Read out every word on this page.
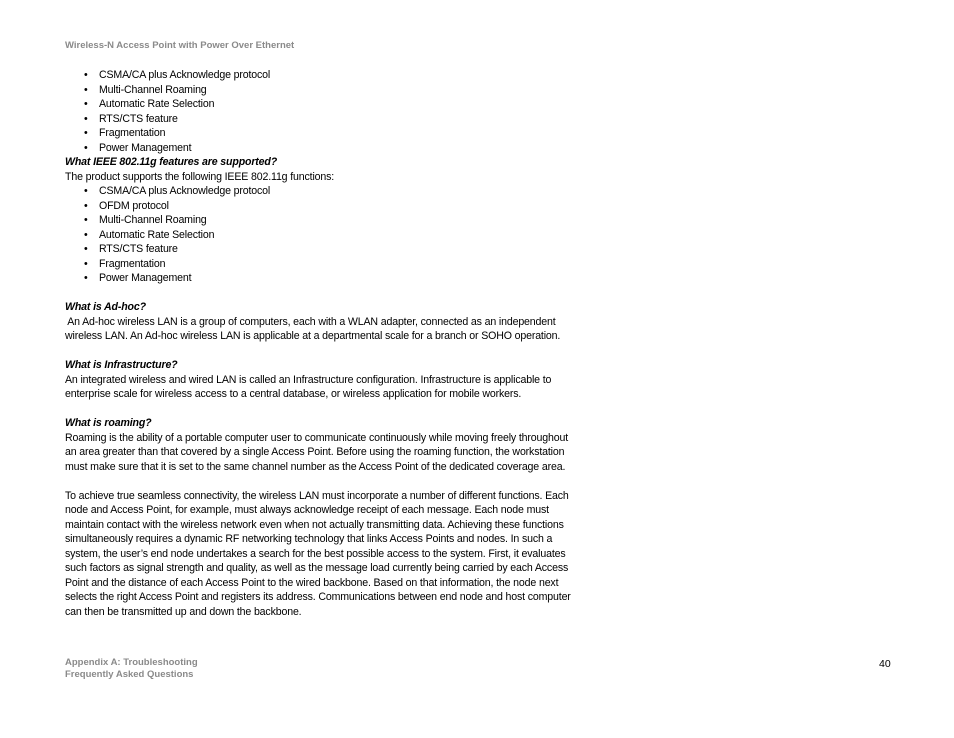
Wireless-N Access Point with Power Over Ethernet
• CSMA/CA plus Acknowledge protocol
• Multi-Channel Roaming
• Automatic Rate Selection
• RTS/CTS feature
• Fragmentation
• Power Management

What IEEE 802.11g features are supported?

The product supports the following IEEE 802.11g functions:

• CSMA/CA plus Acknowledge protocol
• OFDM protocol
• Multi-Channel Roaming
• Automatic Rate Selection
• RTS/CTS feature
• Fragmentation
• Power Management

What is Ad-hoc?

An Ad-hoc wireless LAN is a group of computers, each with a WLAN adapter, connected as an independent

wireless LAN. An Ad-hoc wireless LAN is applicable at a departmental scale for a branch or SOHO operation.

What is Infrastructure?

An integrated wireless and wired LAN is called an Infrastructure configuration. Infrastructure is applicable to

enterprise scale for wireless access to a central database, or wireless application for mobile workers.

What is roaming?

Roaming is the ability of a portable computer user to communicate continuously while moving freely throughout

an area greater than that covered by a single Access Point. Before using the roaming function, the workstation

must make sure that it is set to the same channel number as the Access Point of the dedicated coverage area.

To achieve true seamless connectivity, the wireless LAN must incorporate a number of different functions. Each

node and Access Point, for example, must always acknowledge receipt of each message. Each node must

maintain contact with the wireless network even when not actually transmitting data. Achieving these functions

simultaneously requires a dynamic RF networking technology that links Access Points and nodes. In such a

system, the user’s end node undertakes a search for the best possible access to the system. First, it evaluates

such factors as signal strength and quality, as well as the message load currently being carried by each Access

Point and the distance of each Access Point to the wired backbone. Based on that information, the node next

selects the right Access Point and registers its address. Communications between end node and host computer

can then be transmitted up and down the backbone.

Appendix A: Troubleshooting
Frequently Asked Questions
40
